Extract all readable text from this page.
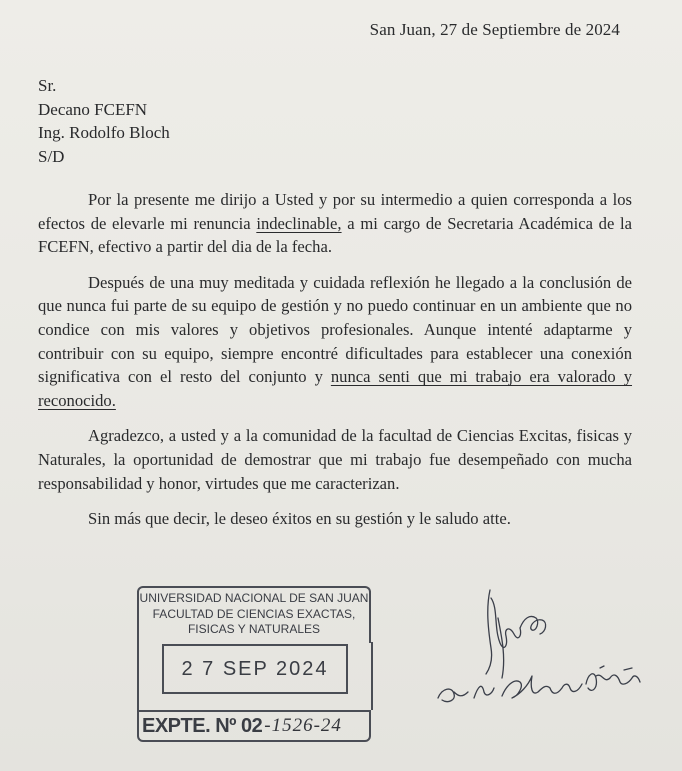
San Juan, 27 de Septiembre de 2024
Sr.
Decano FCEFN
Ing. Rodolfo Bloch
S/D

Por la presente me dirijo a Usted y por su intermedio a quien corresponda a los efectos de elevarle mi renuncia indeclinable, a mi cargo de Secretaria Académica de la FCEFN, efectivo a partir del dia de la fecha.

Después de una muy meditada y cuidada reflexión he llegado a la conclusión de que nunca fui parte de su equipo de gestión y no puedo continuar en un ambiente que no condice con mis valores y objetivos profesionales. Aunque intenté adaptarme y contribuir con su equipo, siempre encontré dificultades para establecer una conexión significativa con el resto del conjunto y nunca senti que mi trabajo era valorado y reconocido.

Agradezco, a usted y a la comunidad de la facultad de Ciencias Excitas, fisicas y Naturales, la oportunidad de demostrar que mi trabajo fue desempeñado con mucha responsabilidad y honor, virtudes que me caracterizan.

Sin más que decir, le deseo éxitos en su gestión y le saludo atte.

UNIVERSIDAD NACIONAL DE SAN JUAN
FACULTAD DE CIENCIAS EXACTAS,
FISICAS Y NATURALES
2 7 SEP 2024
EXPTE. Nº 02 -1526-24
